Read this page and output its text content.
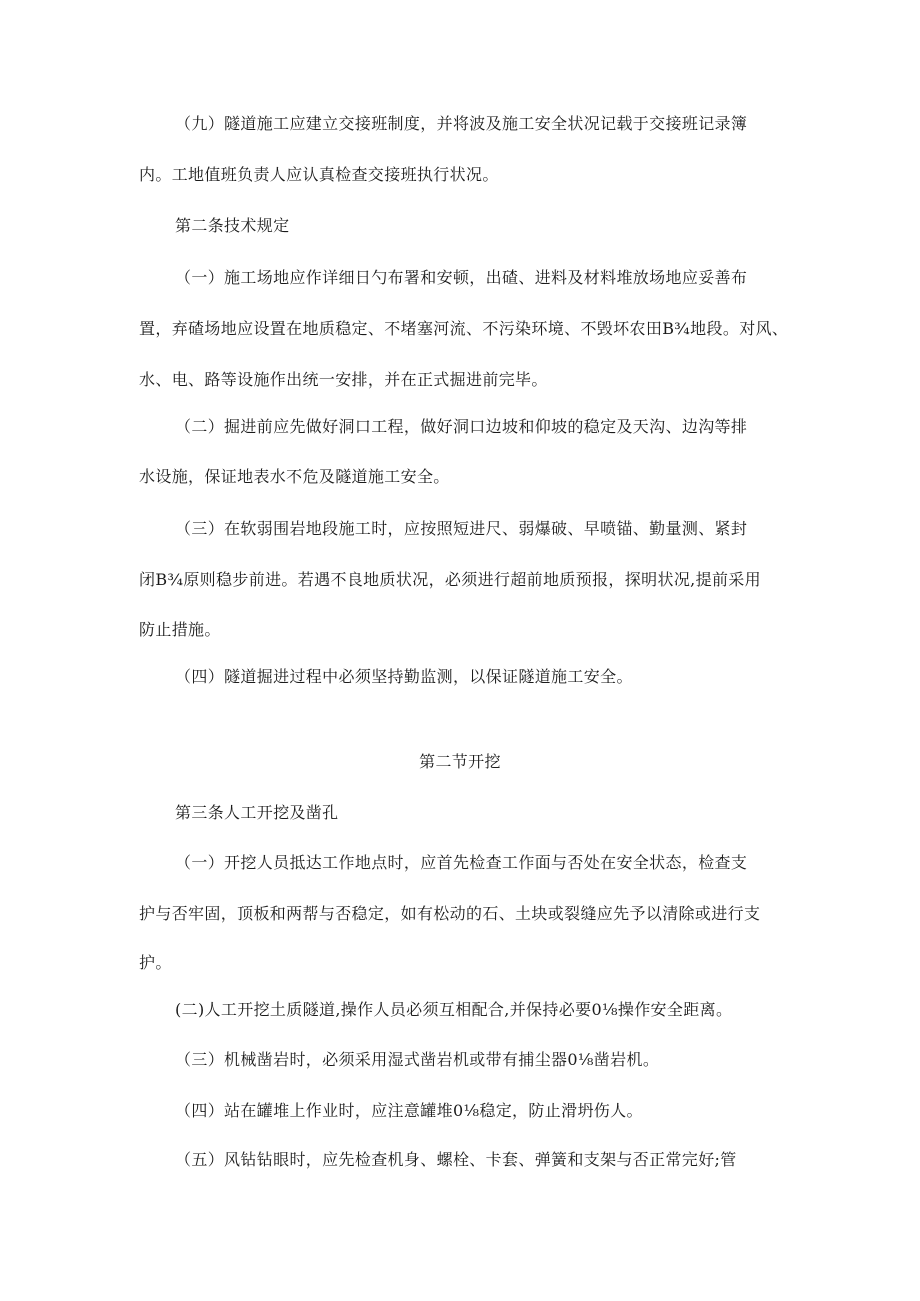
（九）隧道施工应建立交接班制度，并将波及施工安全状况记载于交接班记录簿
内。工地值班负责人应认真检查交接班执行状况。
第二条技术规定
（一）施工场地应作详细日勺布署和安顿，出碴、进料及材料堆放场地应妥善布
置，弃碴场地应设置在地质稳定、不堵塞河流、不污染环境、不毁坏农田B¾地段。对风、
水、电、路等设施作出统一安排，并在正式掘进前完毕。
（二）掘进前应先做好洞口工程，做好洞口边坡和仰坡的稳定及天沟、边沟等排
水设施，保证地表水不危及隧道施工安全。
（三）在软弱围岩地段施工时，应按照短进尺、弱爆破、早喷锚、勤量测、紧封
闭B¾原则稳步前进。若遇不良地质状况，必须进行超前地质预报，探明状况,提前采用
防止措施。
（四）隧道掘进过程中必须坚持勤监测，以保证隧道施工安全。
第二节开挖
第三条人工开挖及凿孔
（一）开挖人员抵达工作地点时，应首先检查工作面与否处在安全状态，检查支
护与否牢固，顶板和两帮与否稳定，如有松动的石、土块或裂缝应先予以清除或进行支
护。
(二)人工开挖土质隧道,操作人员必须互相配合,并保持必要0⅛操作安全距离。
（三）机械凿岩时，必须采用湿式凿岩机或带有捕尘器0⅛凿岩机。
（四）站在罐堆上作业时，应注意罐堆0⅛稳定，防止滑坍伤人。
（五）风钻钻眼时，应先检查机身、螺栓、卡套、弹簧和支架与否正常完好;管
